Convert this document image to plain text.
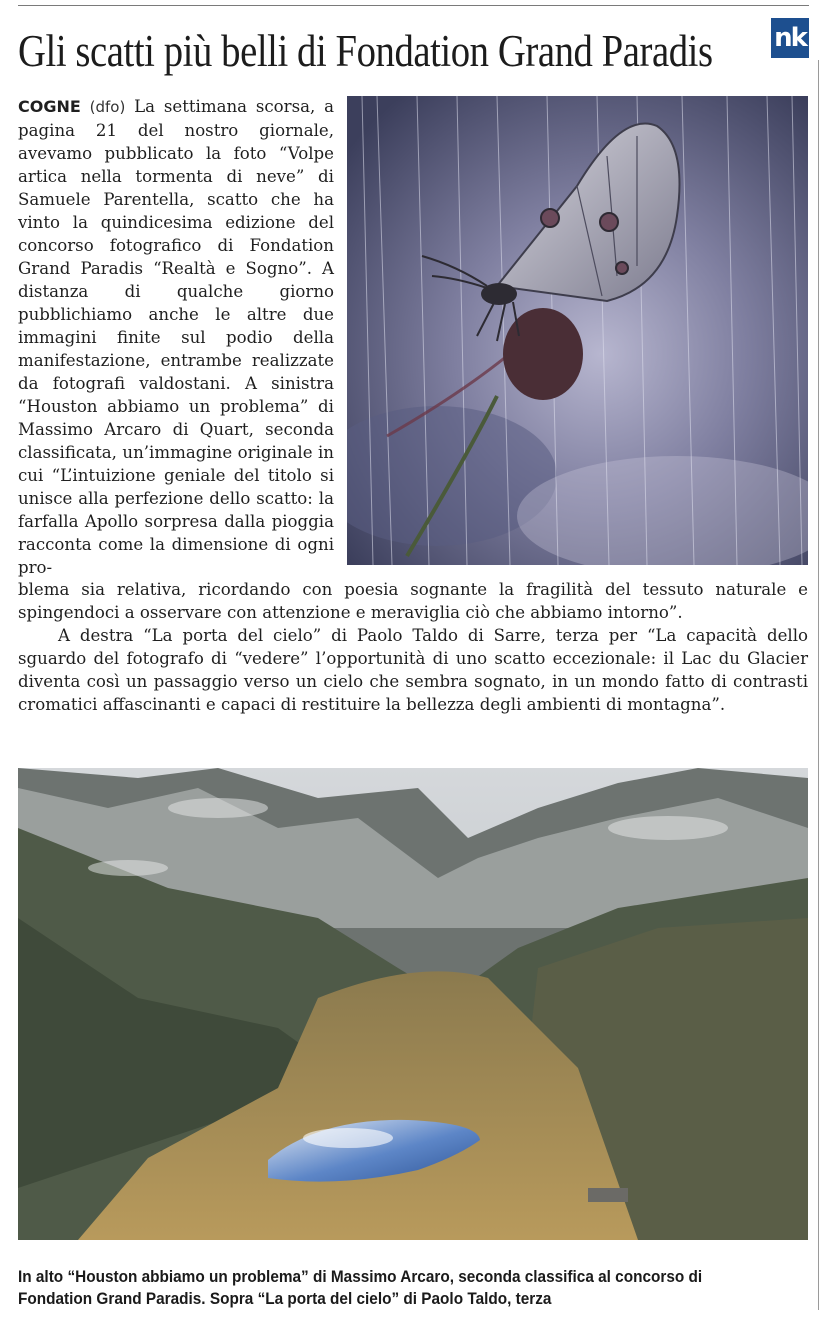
Gli scatti più belli di Fondation Grand Paradis nk

COGNE (dfo) La settimana scorsa, a pagina 21 del nostro giornale, avevamo pubblicato la foto “Volpe artica nella tormenta di neve” di Samuele Parentella, scatto che ha vinto la quindicesima edizione del concorso fotografico di Fondation Grand Paradis “Realtà e Sogno”. A distanza di qualche giorno pubblichiamo anche le altre due immagini finite sul podio della manifestazione, entrambe realizzate da fotografi valdostani. A sinistra “Houston abbiamo un problema” di Massimo Arcaro di Quart, seconda classificata, un’immagine originale in cui “L’intuizione geniale del titolo si unisce alla perfezione dello scatto: la farfalla Apollo sorpresa dalla pioggia racconta come la dimensione di ogni pro-

blema sia relativa, ricordando con poesia sognante la fragilità del tessuto naturale e spingendoci a osservare con attenzione e meraviglia ciò che abbiamo intorno”.
A destra “La porta del cielo” di Paolo Taldo di Sarre, terza per “La capacità dello sguardo del fotografo di “vedere” l’opportunità di uno scatto eccezionale: il Lac du Glacier diventa così un passaggio verso un cielo che sembra sognato, in un mondo fatto di contrasti cromatici affascinanti e capaci di restituire la bellezza degli ambienti di montagna”.

In alto “Houston abbiamo un problema” di Massimo Arcaro, seconda classifica al concorso di Fondation Grand Paradis. Sopra “La porta del cielo” di Paolo Taldo, terza
